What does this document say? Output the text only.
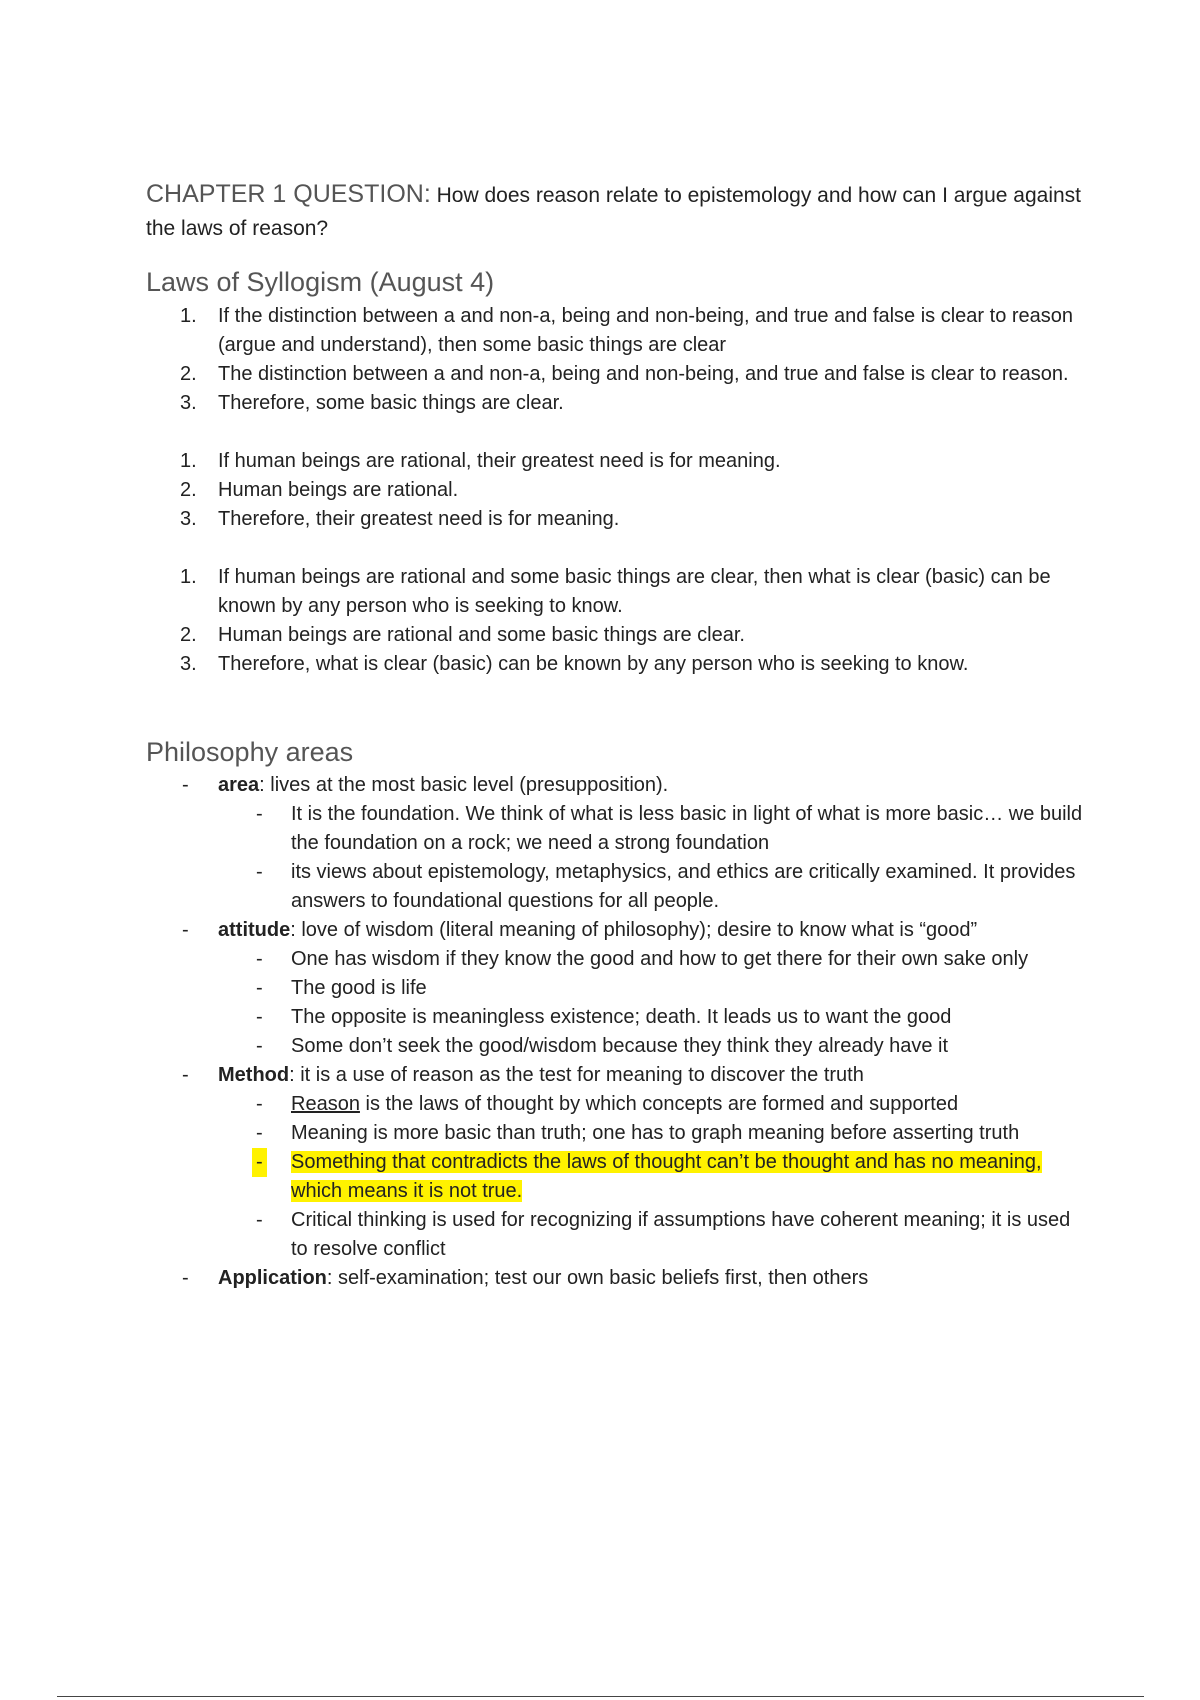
CHAPTER 1 QUESTION: How does reason relate to epistemology and how can I argue against the laws of reason?

Laws of Syllogism (August 4)
1. If the distinction between a and non-a, being and non-being, and true and false is clear to reason (argue and understand), then some basic things are clear
2. The distinction between a and non-a, being and non-being, and true and false is clear to reason.
3. Therefore, some basic things are clear.
1. If human beings are rational, their greatest need is for meaning.
2. Human beings are rational.
3. Therefore, their greatest need is for meaning.
1. If human beings are rational and some basic things are clear, then what is clear (basic) can be known by any person who is seeking to know.
2. Human beings are rational and some basic things are clear.
3. Therefore, what is clear (basic) can be known by any person who is seeking to know.
Philosophy areas
- area: lives at the most basic level (presupposition).
- It is the foundation. We think of what is less basic in light of what is more basic… we build the foundation on a rock; we need a strong foundation
- its views about epistemology, metaphysics, and ethics are critically examined. It provides answers to foundational questions for all people.
- attitude: love of wisdom (literal meaning of philosophy); desire to know what is “good”
- One has wisdom if they know the good and how to get there for their own sake only
- The good is life
- The opposite is meaningless existence; death. It leads us to want the good
- Some don’t seek the good/wisdom because they think they already have it
- Method: it is a use of reason as the test for meaning to discover the truth
- Reason is the laws of thought by which concepts are formed and supported
- Meaning is more basic than truth; one has to graph meaning before asserting truth
- Something that contradicts the laws of thought can’t be thought and has no meaning, which means it is not true.
- Critical thinking is used for recognizing if assumptions have coherent meaning; it is used to resolve conflict
- Application: self-examination; test our own basic beliefs first, then others
